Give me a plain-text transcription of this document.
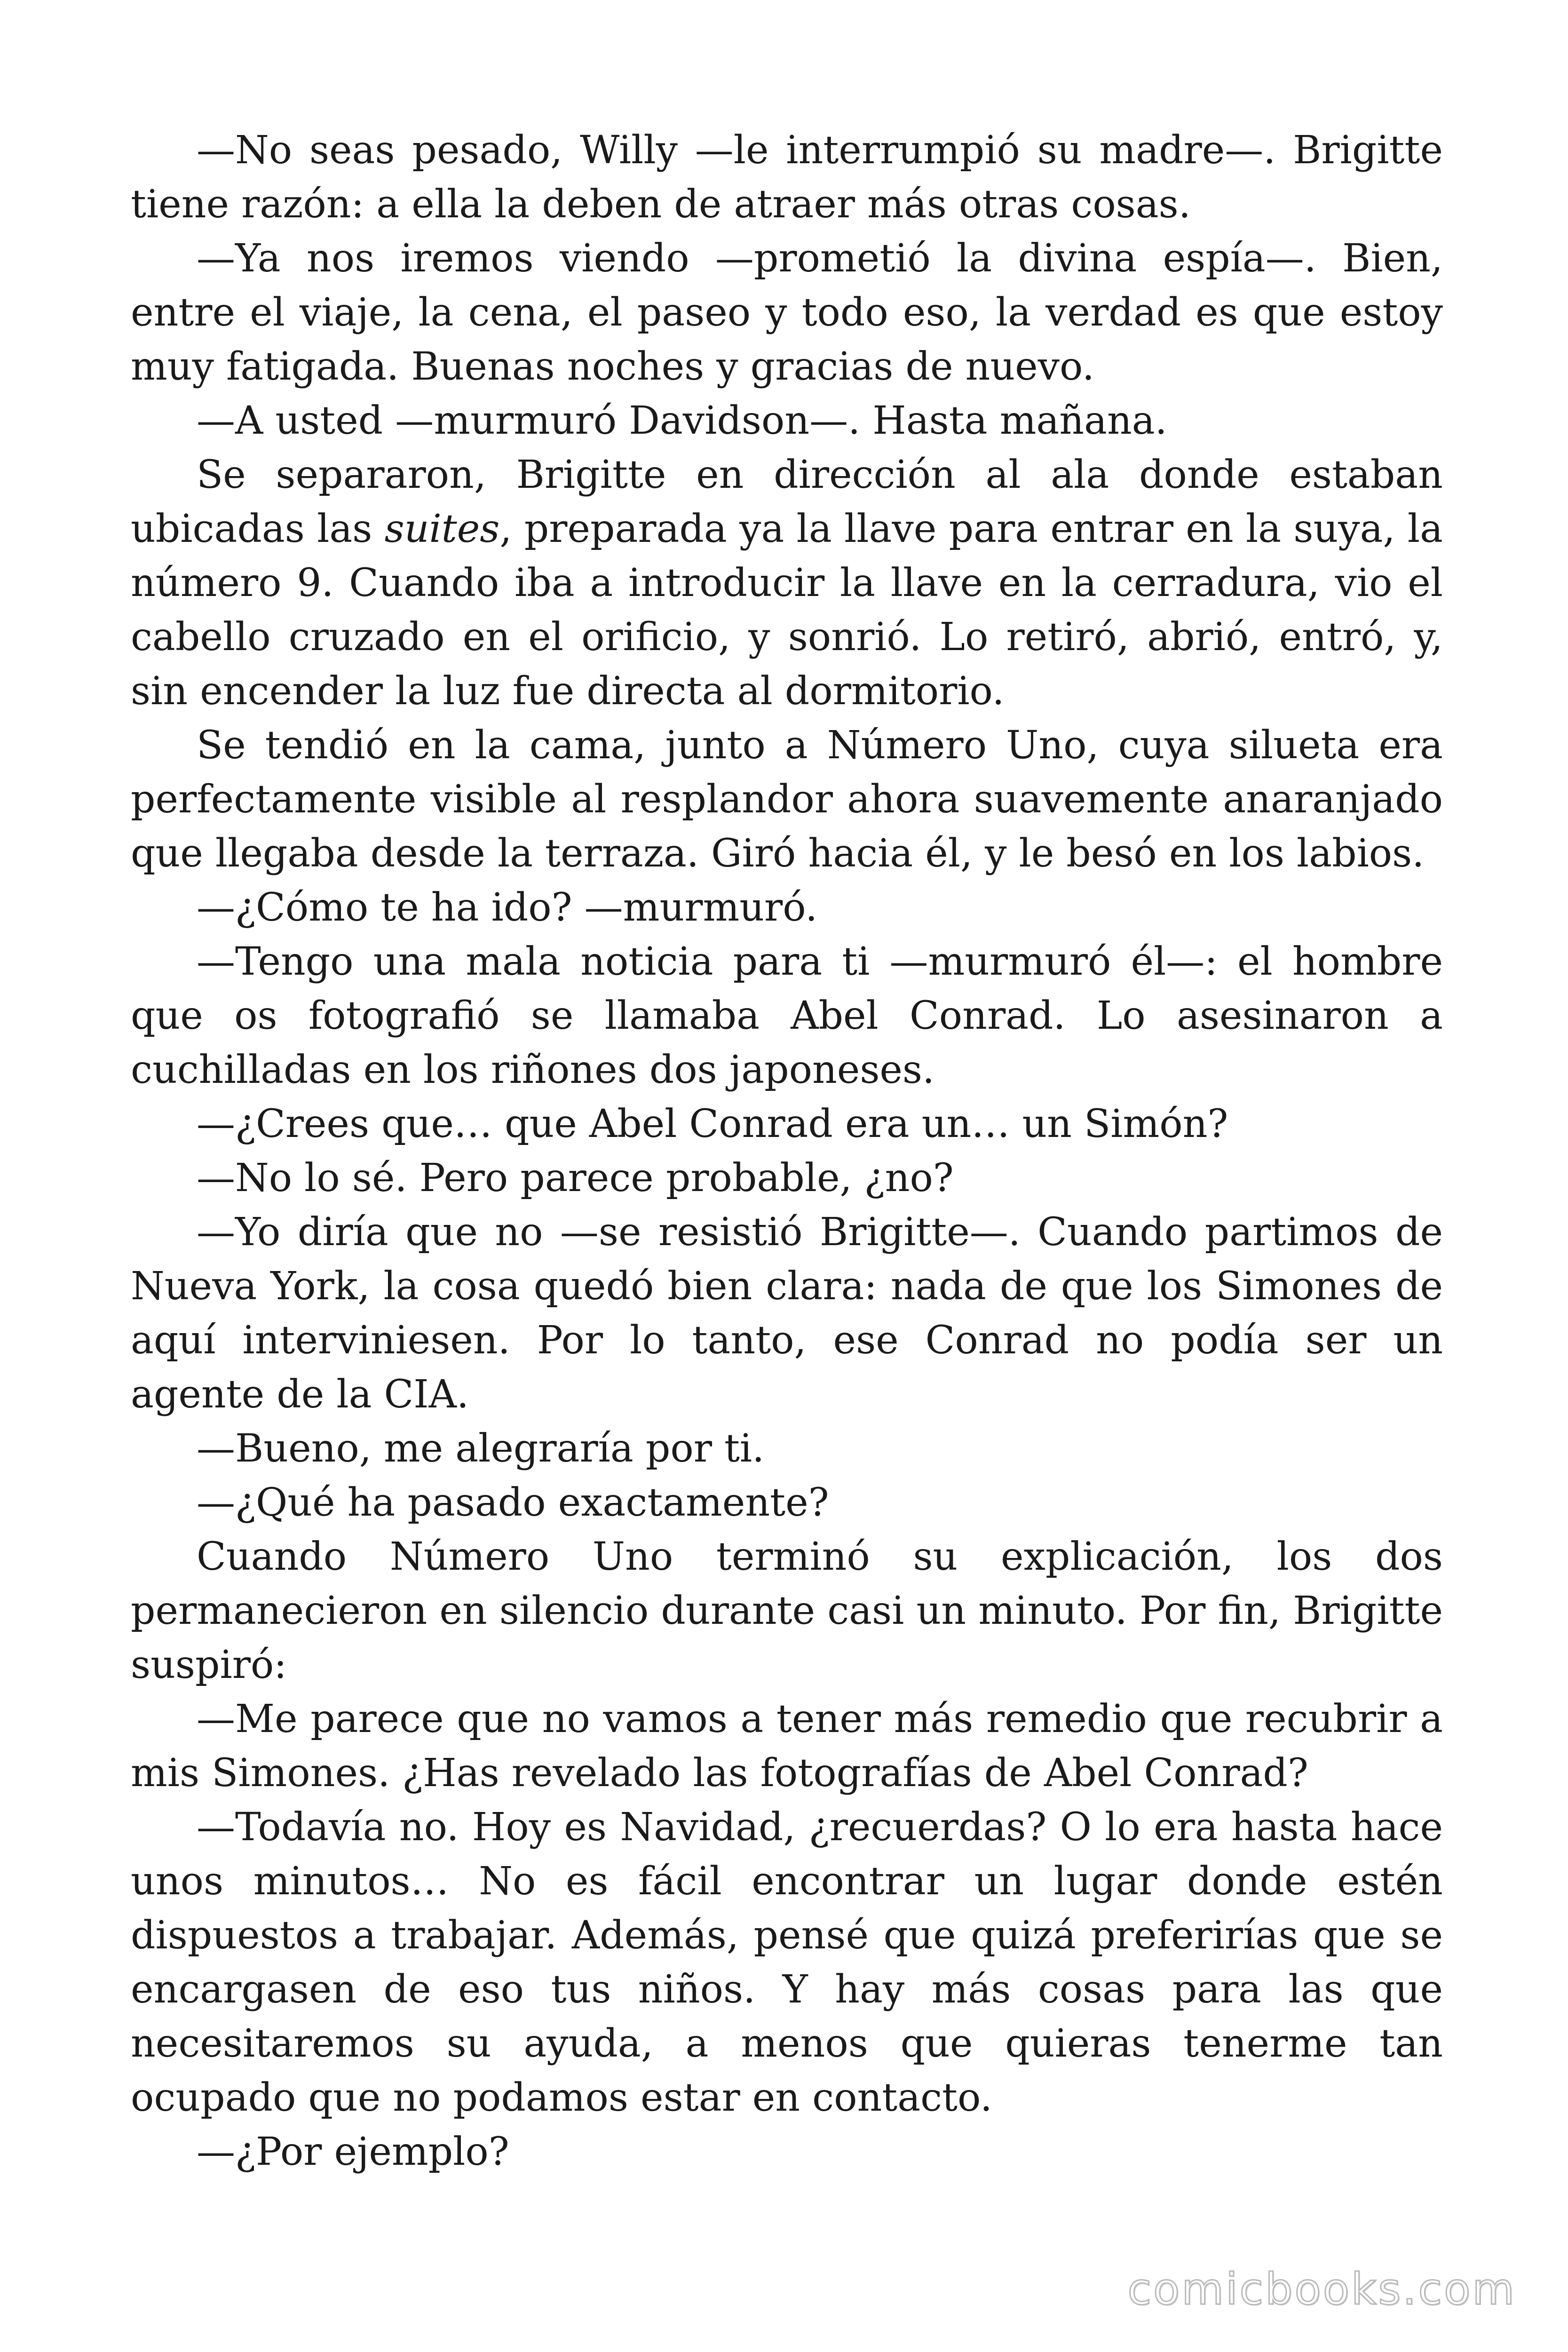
—No seas pesado, Willy —le interrumpió su madre—. Brigitte tiene razón: a ella la deben de atraer más otras cosas.

—Ya nos iremos viendo —prometió la divina espía—. Bien, entre el viaje, la cena, el paseo y todo eso, la verdad es que estoy muy fatigada. Buenas noches y gracias de nuevo.

—A usted —murmuró Davidson—. Hasta mañana.

Se separaron, Brigitte en dirección al ala donde estaban ubicadas las suites, preparada ya la llave para entrar en la suya, la número 9. Cuando iba a introducir la llave en la cerradura, vio el cabello cruzado en el orificio, y sonrió. Lo retiró, abrió, entró, y, sin encender la luz fue directa al dormitorio.

Se tendió en la cama, junto a Número Uno, cuya silueta era perfectamente visible al resplandor ahora suavemente anaranjado que llegaba desde la terraza. Giró hacia él, y le besó en los labios.

—¿Cómo te ha ido? —murmuró.

—Tengo una mala noticia para ti —murmuró él—: el hombre que os fotografió se llamaba Abel Conrad. Lo asesinaron a cuchilladas en los riñones dos japoneses.

—¿Crees que… que Abel Conrad era un… un Simón?

—No lo sé. Pero parece probable, ¿no?

—Yo diría que no —se resistió Brigitte—. Cuando partimos de Nueva York, la cosa quedó bien clara: nada de que los Simones de aquí interviniesen. Por lo tanto, ese Conrad no podía ser un agente de la CIA.

—Bueno, me alegraría por ti.

—¿Qué ha pasado exactamente?

Cuando Número Uno terminó su explicación, los dos permanecieron en silencio durante casi un minuto. Por fin, Brigitte suspiró:

—Me parece que no vamos a tener más remedio que recubrir a mis Simones. ¿Has revelado las fotografías de Abel Conrad?

—Todavía no. Hoy es Navidad, ¿recuerdas? O lo era hasta hace unos minutos… No es fácil encontrar un lugar donde estén dispuestos a trabajar. Además, pensé que quizá preferirías que se encargasen de eso tus niños. Y hay más cosas para las que necesitaremos su ayuda, a menos que quieras tenerme tan ocupado que no podamos estar en contacto.

—¿Por ejemplo?

comicbooks.com
